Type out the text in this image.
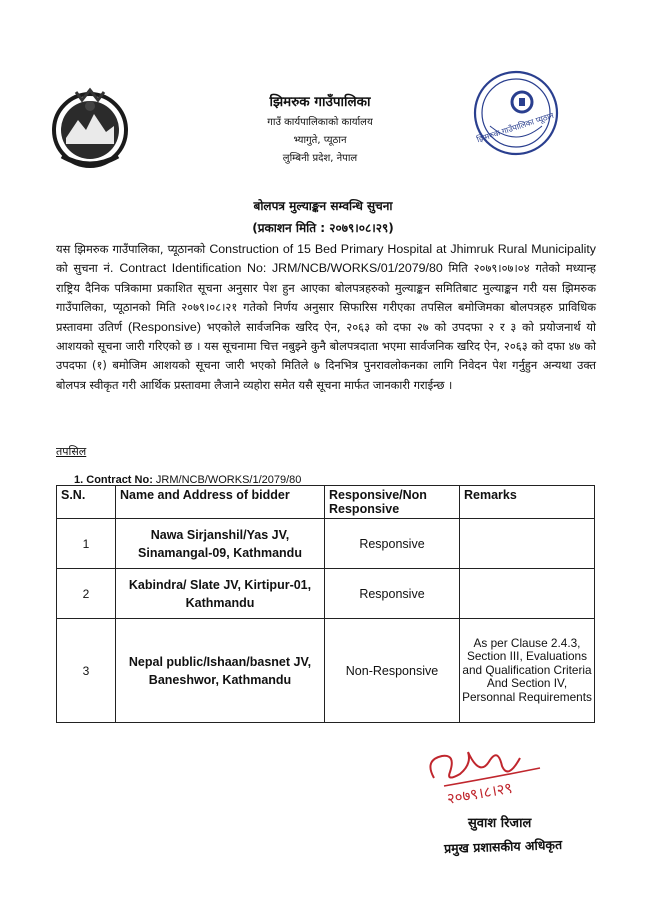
झिमरुक गाउँपालिका
गाउँ कार्यपालिकाको कार्यालय
भ्यागुते, प्यूठान
लुम्बिनी प्रदेश, नेपाल
झिमरुक गाउँपालिका प्यूठान
बोलपत्र मुल्याङ्कन सम्वन्धि सुचना
(प्रकाशन मिति : २०७९।०८।२९)
यस झिमरुक गाउँपालिका, प्यूठानको Construction of 15 Bed Primary Hospital at Jhimruk Rural Municipality को सुचना नं. Contract Identification No: JRM/NCB/WORKS/01/2079/80 मिति २०७९।०७।०४ गतेको मध्यान्ह राष्ट्रिय दैनिक पत्रिकामा प्रकाशित सूचना अनुसार पेश हुन आएका बोलपत्रहरुको मुल्याङ्कन समितिबाट मुल्याङ्कन गरी यस झिमरुक गाउँपालिका, प्यूठानको मिति २०७९।०८।२१ गतेको निर्णय अनुसार सिफारिस गरीएका तपसिल बमोजिमका बोलपत्रहरु प्राविधिक प्रस्तावमा उतिर्ण (Responsive) भएकोले सार्वजनिक खरिद ऐन, २०६३ को दफा २७ को उपदफा २ र ३ को प्रयोजनार्थ यो आशयको सूचना जारी गरिएको छ । यस सूचनामा चित्त नबुझ्ने कुनै बोलपत्रदाता भएमा सार्वजनिक खरिद ऐन, २०६३ को दफा ४७ को उपदफा (१) बमोजिम आशयको सूचना जारी भएको मितिले ७ दिनभित्र पुनरावलोकनका लागि निवेदन पेश गर्नुहुन अन्यथा उक्त बोलपत्र स्वीकृत गरी आर्थिक प्रस्तावमा लैजाने व्यहोरा समेत यसै सूचना मार्फत जानकारी गराईन्छ ।
तपसिल
1. Contract No: JRM/NCB/WORKS/1/2079/80
S.N.	Name and Address of bidder	Responsive/Non Responsive	Remarks
1	Nawa Sirjanshil/Yas JV, Sinamangal-09, Kathmandu	Responsive	
2	Kabindra/ Slate JV, Kirtipur-01, Kathmandu	Responsive	
3	Nepal public/Ishaan/basnet JV, Baneshwor, Kathmandu	Non-Responsive	As per Clause 2.4.3, Section III, Evaluations and Qualification Criteria And Section IV, Personnal Requirements
२०७९।८।२९
सुवाश रिजाल
प्रमुख प्रशासकीय अधिकृत
